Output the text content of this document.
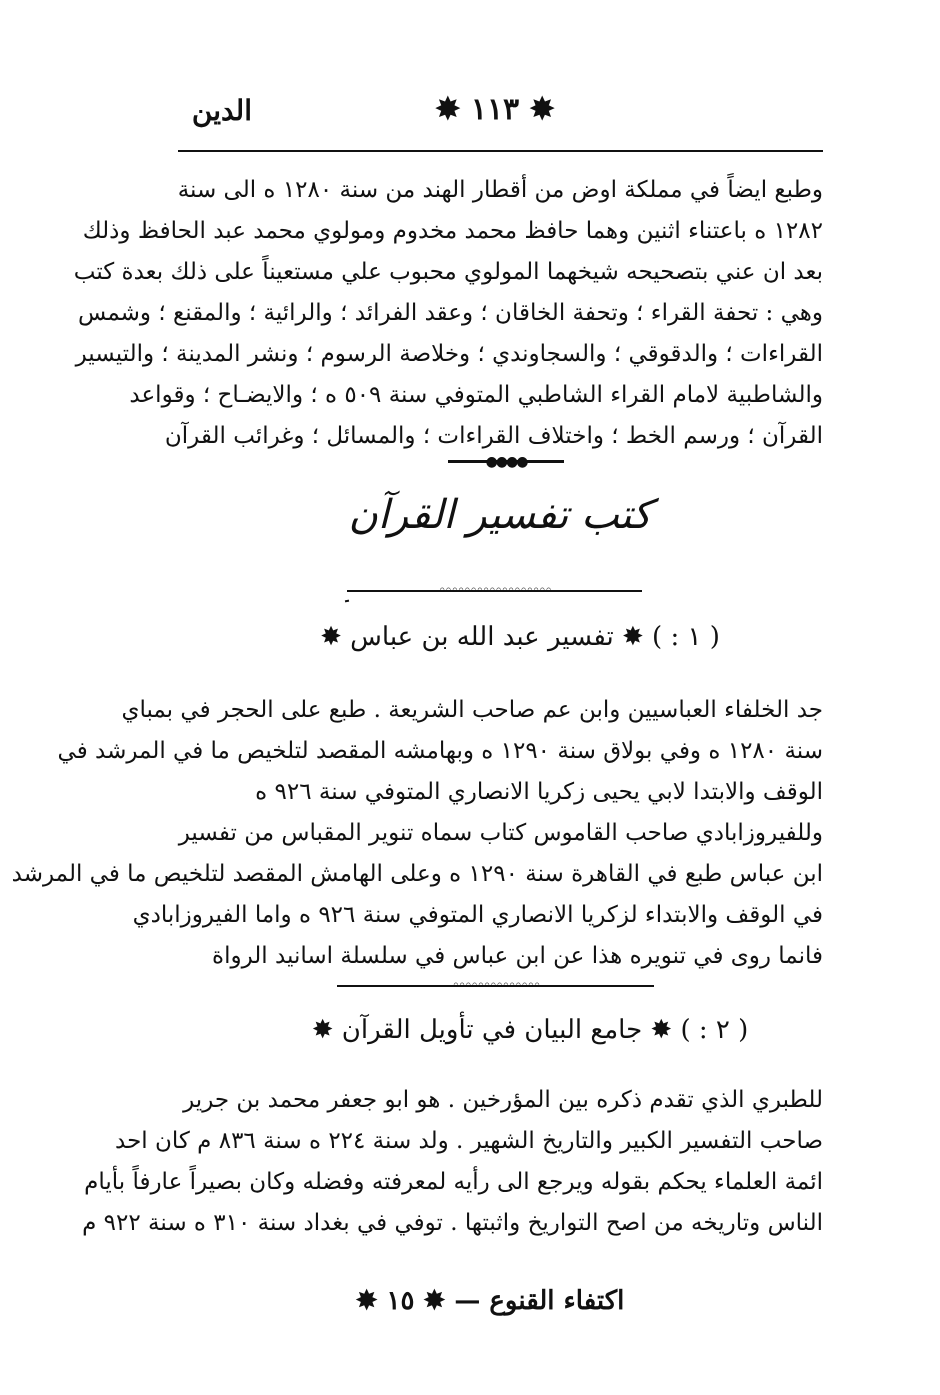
✸ ١١٣ ✸
الدين
وطبع ايضاً في مملكة اوض من أقطار الهند من سنة ١٢٨٠ ه الى سنة
١٢٨٢ ه باعتناء اثنين وهما حافظ محمد مخدوم ومولوي محمد عبد الحافظ وذلك
بعد ان عني بتصحيحه شيخهما المولوي محبوب علي مستعيناً على ذلك بعدة كتب
وهي : تحفة القراء ؛ وتحفة الخاقان ؛ وعقد الفرائد ؛ والرائية ؛ والمقنع ؛ وشمس
القراءات ؛ والدقوقي ؛ والسجاوندي ؛ وخلاصة الرسوم ؛ ونشر المدينة ؛ والتيسير
والشاطبية لامام القراء الشاطبي المتوفي سنة ٥٠٩ ه ؛ والايضـاح ؛ وقواعد
القرآن ؛ ورسم الخط ؛ واختلاف القراءات ؛ والمسائل ؛ وغرائب القرآن
●●●●
كتب تفسير القرآن
◦◦◦◦◦◦◦◦◦◦◦◦◦◦◦◦◦◦
( ١ : ) ✸ تفسير عبد الله بن عباس ✸
جد الخلفاء العباسيين وابن عم صاحب الشريعة . طبع على الحجر في بمباي
سنة ١٢٨٠ ه وفي بولاق سنة ١٢٩٠ ه وبهامشه المقصد لتلخيص ما في المرشد في
الوقف والابتدا لابي يحيى زكريا الانصاري المتوفي سنة ٩٢٦ ه
وللفيروزابادي صاحب القاموس كتاب سماه تنوير المقباس من تفسير
ابن عباس طبع في القاهرة سنة ١٢٩٠ ه وعلى الهامش المقصد لتلخيص ما في المرشد
في الوقف والابتداء لزكريا الانصاري المتوفي سنة ٩٢٦ ه واما الفيروزابادي
فانما روى في تنويره هذا عن ابن عباس في سلسلة اسانيد الرواة
◦◦◦◦◦◦◦◦◦◦◦◦◦◦
( ٢ : ) ✸ جامع البيان في تأويل القرآن ✸
للطبري الذي تقدم ذكره بين المؤرخين . هو ابو جعفر محمد بن جرير
صاحب التفسير الكبير والتاريخ الشهير . ولد سنة ٢٢٤ ه سنة ٨٣٦ م كان احد
ائمة العلماء يحكم بقوله ويرجع الى رأيه لمعرفته وفضله وكان بصيراً عارفاً بأيام
الناس وتاريخه من اصح التواريخ واثبتها . توفي في بغداد سنة ٣١٠ ه سنة ٩٢٢ م
اكتفاء القنوع — ✸ ١٥ ✸
